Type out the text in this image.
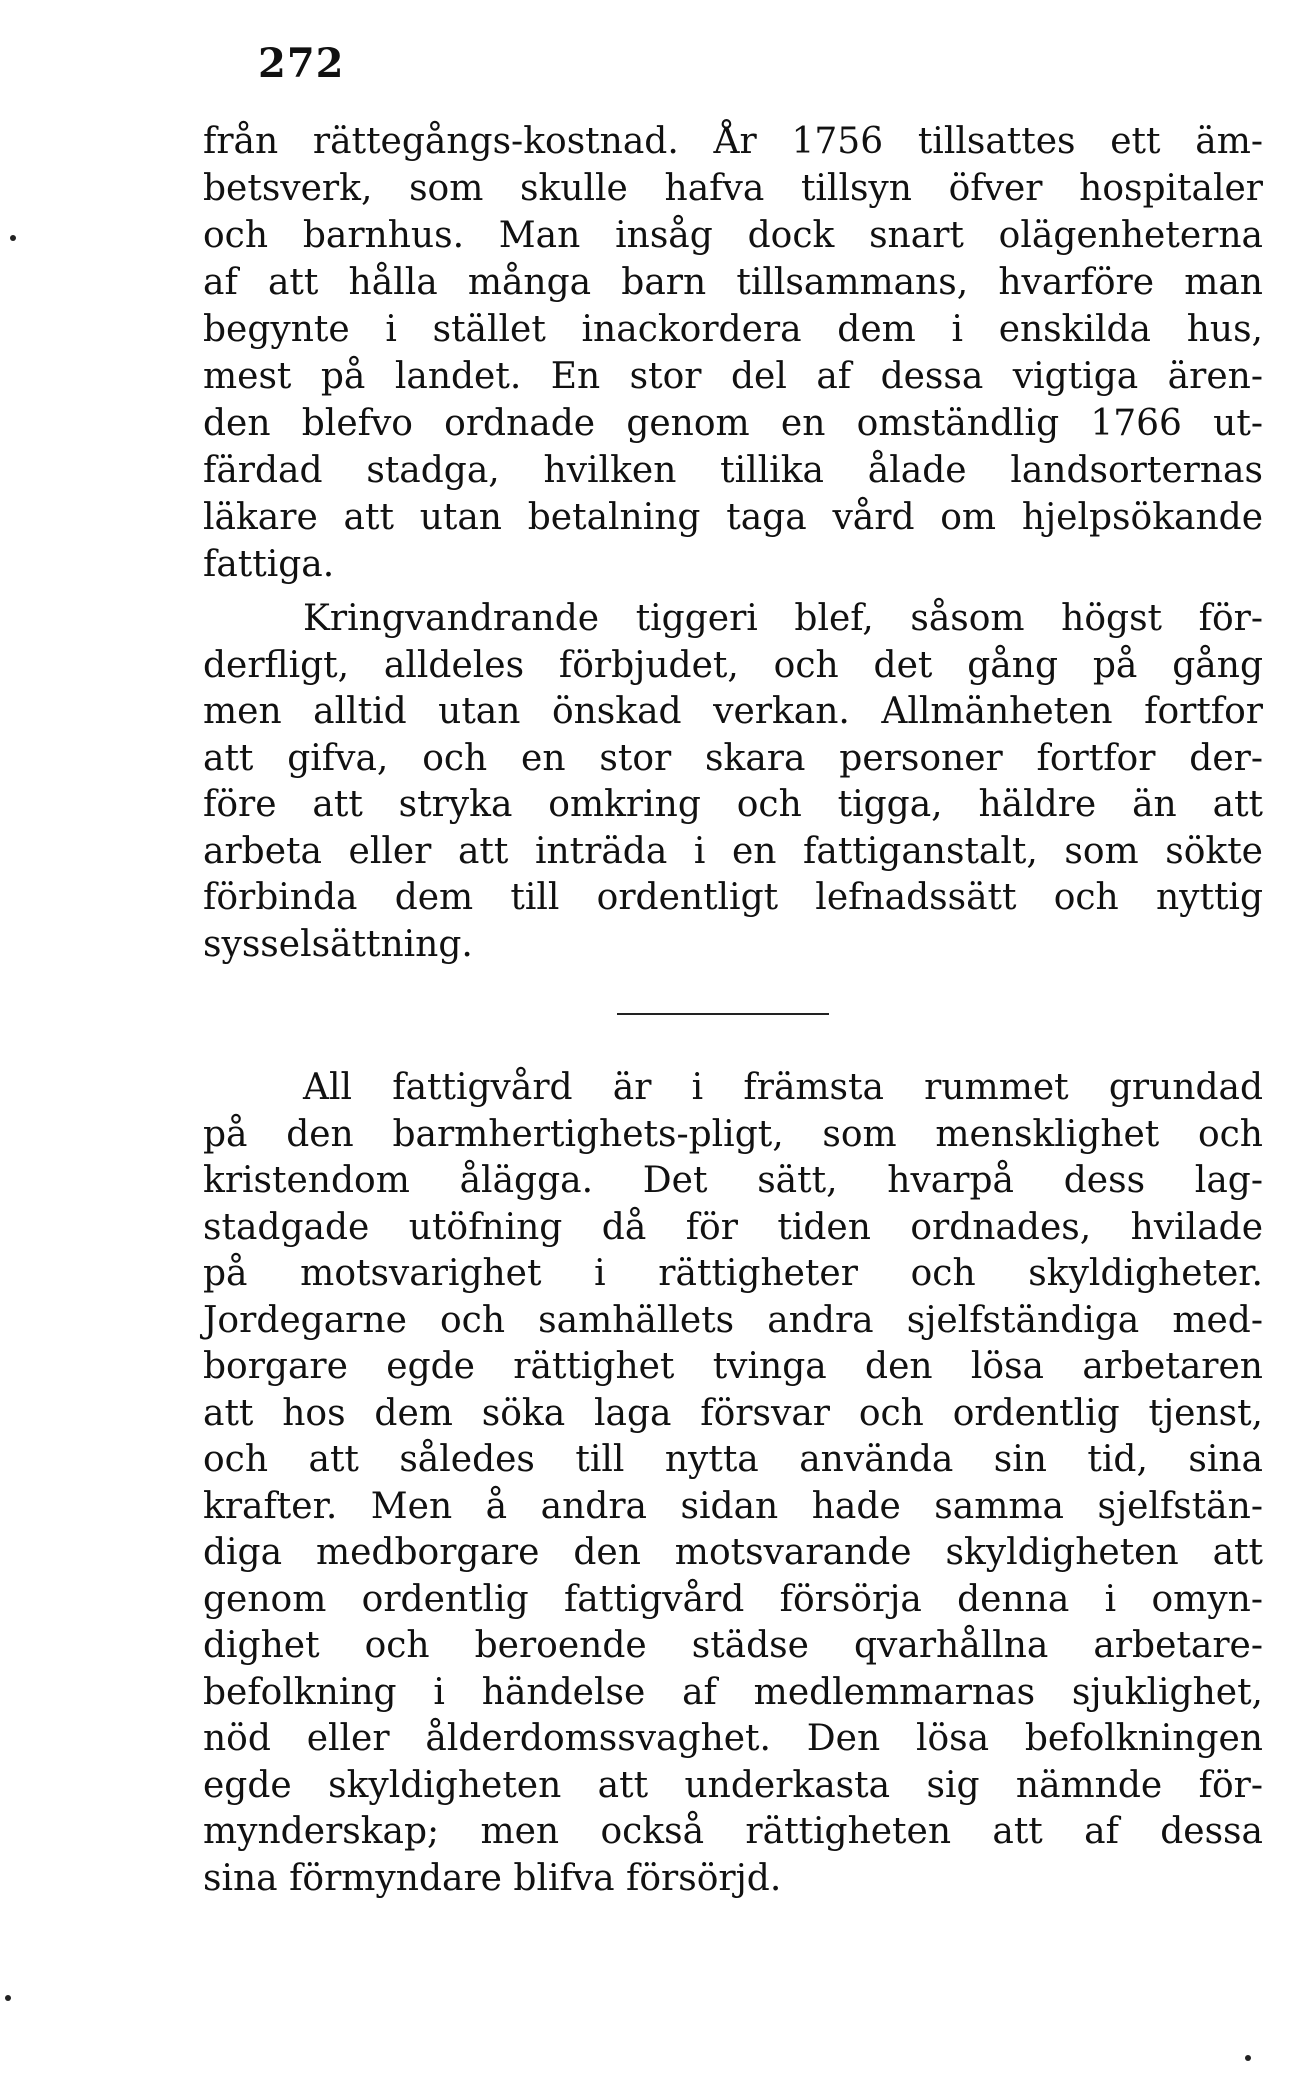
272
från rättegångs-kostnad. År 1756 tillsattes ett äm-
betsverk, som skulle hafva tillsyn öfver hospitaler
och barnhus. Man insåg dock snart olägenheterna
af att hålla många barn tillsammans, hvarföre man
begynte i stället inackordera dem i enskilda hus,
mest på landet. En stor del af dessa vigtiga ären-
den blefvo ordnade genom en omständlig 1766 ut-
färdad stadga, hvilken tillika ålade landsorternas
läkare att utan betalning taga vård om hjelpsökande
fattiga.
Kringvandrande tiggeri blef, såsom högst för-
derfligt, alldeles förbjudet, och det gång på gång
men alltid utan önskad verkan. Allmänheten fortfor
att gifva, och en stor skara personer fortfor der-
före att stryka omkring och tigga, häldre än att
arbeta eller att inträda i en fattiganstalt, som sökte
förbinda dem till ordentligt lefnadssätt och nyttig
sysselsättning.
All fattigvård är i främsta rummet grundad
på den barmhertighets-pligt, som mensklighet och
kristendom ålägga. Det sätt, hvarpå dess lag-
stadgade utöfning då för tiden ordnades, hvilade
på motsvarighet i rättigheter och skyldigheter.
Jordegarne och samhällets andra sjelfständiga med-
borgare egde rättighet tvinga den lösa arbetaren
att hos dem söka laga försvar och ordentlig tjenst,
och att således till nytta använda sin tid, sina
krafter. Men å andra sidan hade samma sjelfstän-
diga medborgare den motsvarande skyldigheten att
genom ordentlig fattigvård försörja denna i omyn-
dighet och beroende städse qvarhållna arbetare-
befolkning i händelse af medlemmarnas sjuklighet,
nöd eller ålderdomssvaghet. Den lösa befolkningen
egde skyldigheten att underkasta sig nämnde för-
mynderskap; men också rättigheten att af dessa
sina förmyndare blifva försörjd.
